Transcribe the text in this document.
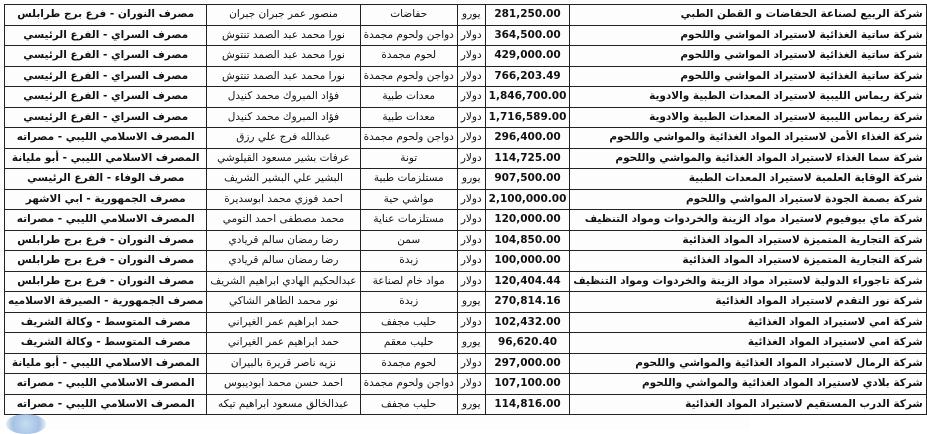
شركة الربيع لصناعة الحفاضات و القطن الطبي	281,250.00	يورو	حفاضات	منصور عمر جبران جبران	مصرف النوران - فرع برج طرابلس
شركة ساتية الغذائية لاستيراد المواشي واللحوم	364,500.00	دولار	دواجن ولحوم مجمدة	نورا محمد عبد الصمد تنتوش	مصرف السراي - الفرع الرئيسي
شركة ساتية الغذائية لاستيراد المواشي واللحوم	429,000.00	دولار	لحوم مجمدة	نورا محمد عبد الصمد تنتوش	مصرف السراي - الفرع الرئيسي
شركة ساتية الغذائية لاستيراد المواشي واللحوم	766,203.49	دولار	دواجن ولحوم مجمدة	نورا محمد عبد الصمد تنتوش	مصرف السراي - الفرع الرئيسي
شركة ريماس الليبية لاستيراد المعدات الطبية والادوية	1,846,700.00	دولار	معدات طبية	فؤاد المبروك محمد كنيدل	مصرف السراي - الفرع الرئيسي
شركة ريماس الليبية لاستيراد المعدات الطبية والادوية	1,716,589.00	دولار	معدات طبية	فؤاد المبروك محمد كنيدل	مصرف السراي - الفرع الرئيسي
شركة الغذاء الأمن لاستيراد المواد الغذائية والمواشي واللحوم	296,400.00	دولار	دواجن ولحوم مجمدة	عبدالله فرج علي رزق	المصرف الاسلامي الليبي - مصراته
شركة سما الغذاء لاستيراد المواد الغذائية والمواشي واللحوم	114,725.00	دولار	تونة	عرفات بشير مسعود القيلوشي	المصرف الاسلامي الليبي - أبو مليانة
شركة الوقاية العلمية لاستيراد المعدات الطبية	907,500.00	يورو	مستلزمات طبية	البشير علي البشير الشريف	مصرف الوفاء - الفرع الرئيسي
شركة بصمة الجودة لاستيراد المواشي واللحوم	2,100,000.00	دولار	مواشي حية	احمد فوزي محمد ابوسديرة	مصرف الجمهورية - ابي الاشهر
شركة ماي بيوفيوم لاستيراد مواد الزينة والخردوات ومواد التنظيف	120,000.00	دولار	مستلزمات عناية	محمد مصطفى احمد التومي	المصرف الاسلامي الليبي - مصراته
شركة التجارية المتميزة لاستيراد المواد الغذائية	104,850.00	دولار	سمن	رضا رمضان سالم قريادي	مصرف النوران - فرع برج طرابلس
شركة التجارية المتميزة لاستيراد المواد الغذائية	100,000.00	دولار	زبدة	رضا رمضان سالم قريادي	مصرف النوران - فرع برج طرابلس
شركة تاجوراء الدولية لاستيراد مواد الزينة والخردوات ومواد التنظيف	120,404.44	دولار	مواد خام لصناعة	عبدالحكيم الهادي ابراهيم الشريف	مصرف النوران - فرع برج طرابلس
شركة نور التقدم لاستيراد المواد الغذائية	270,814.16	يورو	زبدة	نور محمد الطاهر الشاكي	مصرف الجمهورية - الصيرفة الاسلاميه
شركة امي لاستيراد المواد الغذائية	102,432.00	دولار	حليب مجفف	حمد ابراهيم عمر الغيراني	مصرف المتوسط - وكالة الشريف
شركة امي لاستيراد المواد الغذائية	96,620.40	يورو	حليب معقم	حمد ابراهيم عمر الغيراني	مصرف المتوسط - وكالة الشريف
شركة الرمال لاستيراد المواد الغذائية والمواشي واللحوم	297,000.00	دولار	لحوم مجمدة	نزيه ناصر قريرة بالبيران	المصرف الاسلامي الليبي - أبو مليانة
شركة بلادي لاستيراد المواد الغذائية والمواشي واللحوم	107,100.00	دولار	دواجن ولحوم مجمدة	احمد حسن محمد ابوديبوس	المصرف الاسلامي الليبي - مصراته
شركة الدرب المستقيم لاستيراد المواد الغذائية	114,816.00	يورو	حليب مجفف	عبدالخالق مسعود ابراهيم تيكه	المصرف الاسلامي الليبي - مصراته
